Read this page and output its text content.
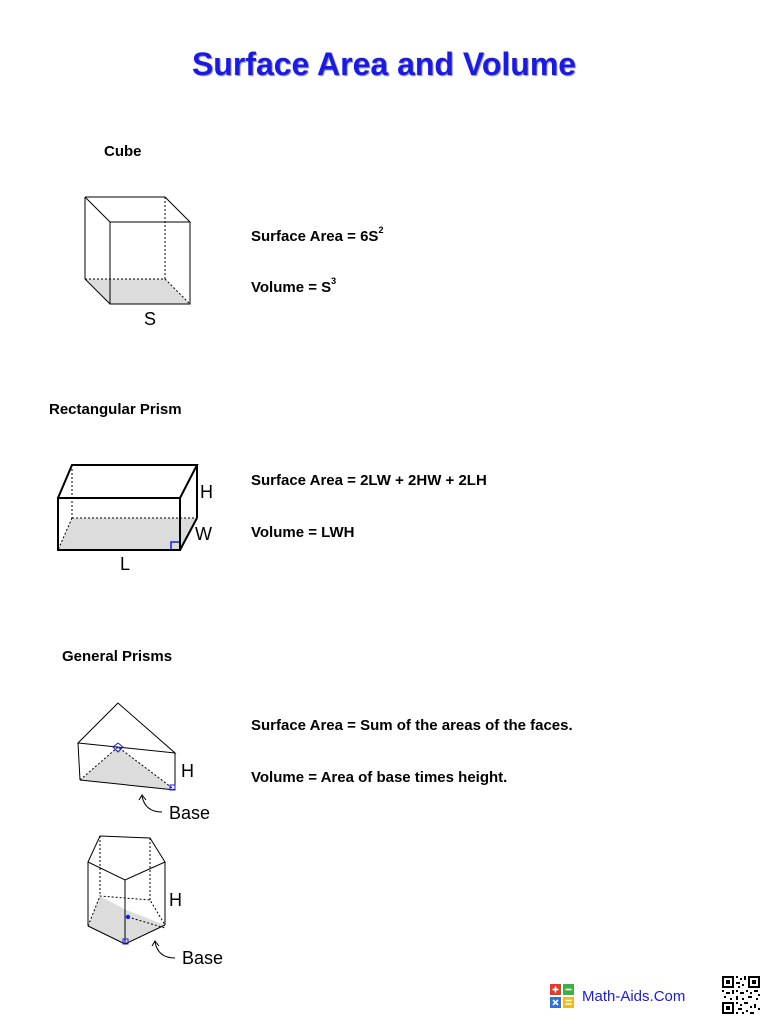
Surface Area and Volume
Cube
S
Surface Area = $6S^2$
Volume = $S^3$
Rectangular Prism
H
W
L
Surface Area = 2LW + 2HW + 2LH
Volume = LWH
General Prisms
H
Base
H
Base
Surface Area = Sum of the areas of the faces.
Volume = Area of base times height.
Math-Aids.Com
